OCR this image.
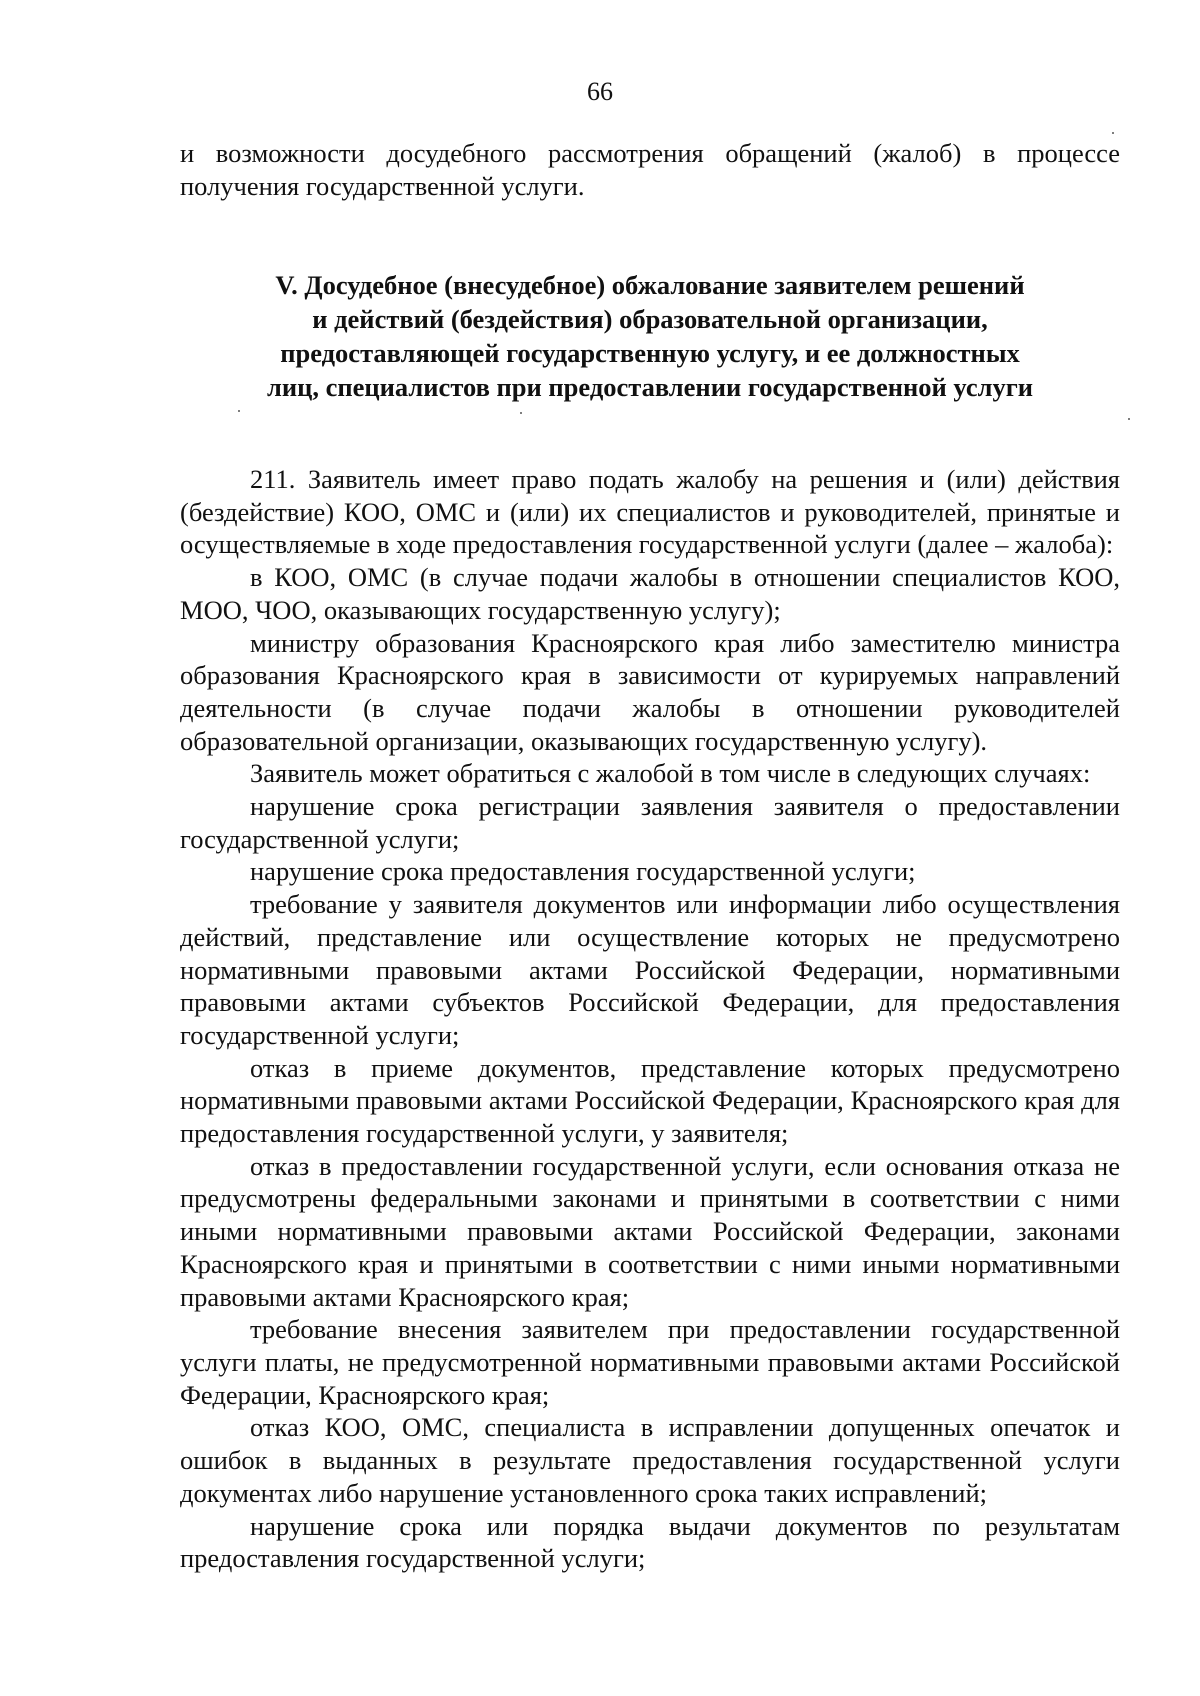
66

и возможности досудебного рассмотрения обращений (жалоб) в процессе получения государственной услуги.

V. Досудебное (внесудебное) обжалование заявителем решений
и действий (бездействия) образовательной организации,
предоставляющей государственную услугу, и ее должностных
лиц, специалистов при предоставлении государственной услуги

211. Заявитель имеет право подать жалобу на решения и (или) действия (бездействие) КОО, ОМС и (или) их специалистов и руководителей, принятые и осуществляемые в ходе предоставления государственной услуги (далее – жалоба):

в КОО, ОМС (в случае подачи жалобы в отношении специалистов КОО, МОО, ЧОО, оказывающих государственную услугу);

министру образования Красноярского края либо заместителю министра образования Красноярского края в зависимости от курируемых направлений деятельности (в случае подачи жалобы в отношении руководителей образовательной организации, оказывающих государственную услугу).

Заявитель может обратиться с жалобой в том числе в следующих случаях:

нарушение срока регистрации заявления заявителя о предоставлении государственной услуги;

нарушение срока предоставления государственной услуги;

требование у заявителя документов или информации либо осуществления действий, представление или осуществление которых не предусмотрено нормативными правовыми актами Российской Федерации, нормативными правовыми актами субъектов Российской Федерации, для предоставления государственной услуги;

отказ в приеме документов, представление которых предусмотрено нормативными правовыми актами Российской Федерации, Красноярского края для предоставления государственной услуги, у заявителя;

отказ в предоставлении государственной услуги, если основания отказа не предусмотрены федеральными законами и принятыми в соответствии с ними иными нормативными правовыми актами Российской Федерации, законами Красноярского края и принятыми в соответствии с ними иными нормативными правовыми актами Красноярского края;

требование внесения заявителем при предоставлении государственной услуги платы, не предусмотренной нормативными правовыми актами Российской Федерации, Красноярского края;

отказ КОО, ОМС, специалиста в исправлении допущенных опечаток и ошибок в выданных в результате предоставления государственной услуги документах либо нарушение установленного срока таких исправлений;

нарушение срока или порядка выдачи документов по результатам предоставления государственной услуги;
